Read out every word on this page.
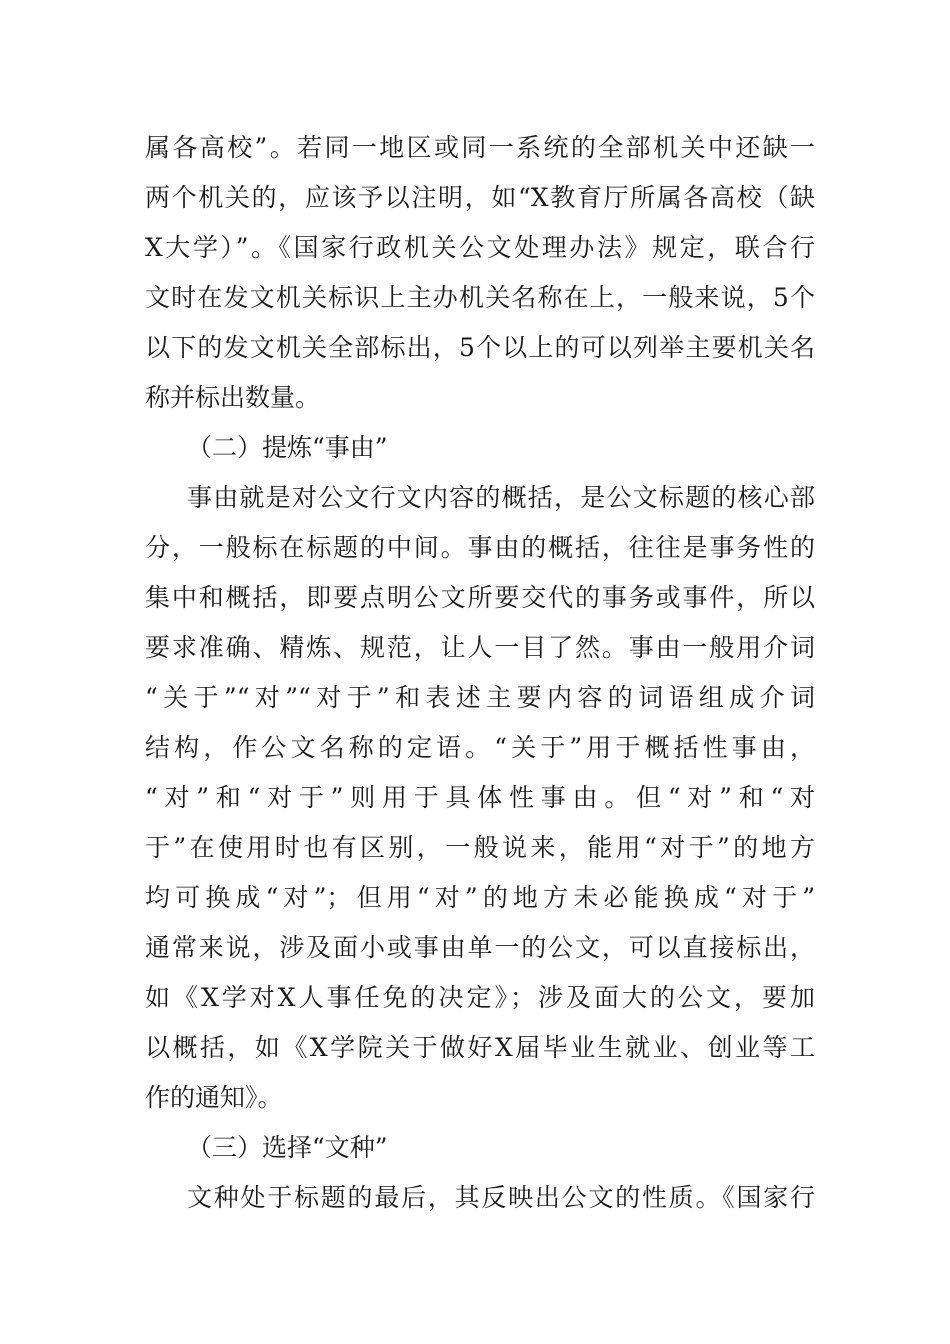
属各高校”。若同一地区或同一系统的全部机关中还缺一
两个机关的，应该予以注明，如“X教育厅所属各高校（缺
X大学）”。《国家行政机关公文处理办法》规定，联合行
文时在发文机关标识上主办机关名称在上，一般来说，5个
以下的发文机关全部标出，5个以上的可以列举主要机关名
称并标出数量。
（二）提炼“事由”
事由就是对公文行文内容的概括，是公文标题的核心部
分，一般标在标题的中间。事由的概括，往往是事务性的
集中和概括，即要点明公文所要交代的事务或事件，所以
要求准确、精炼、规范，让人一目了然。事由一般用介词
“关于”“对”“对于”和表述主要内容的词语组成介词
结构，作公文名称的定语。“关于”用于概括性事由，
“对”和“对于”则用于具体性事由。但“对”和“对
于”在使用时也有区别，一般说来，能用“对于”的地方
均可换成“对”；但用“对”的地方未必能换成“对于”
通常来说，涉及面小或事由单一的公文，可以直接标出，
如《X学对X人事任免的决定》；涉及面大的公文，要加
以概括，如《X学院关于做好X届毕业生就业、创业等工
作的通知》。
（三）选择“文种”
文种处于标题的最后，其反映出公文的性质。《国家行
